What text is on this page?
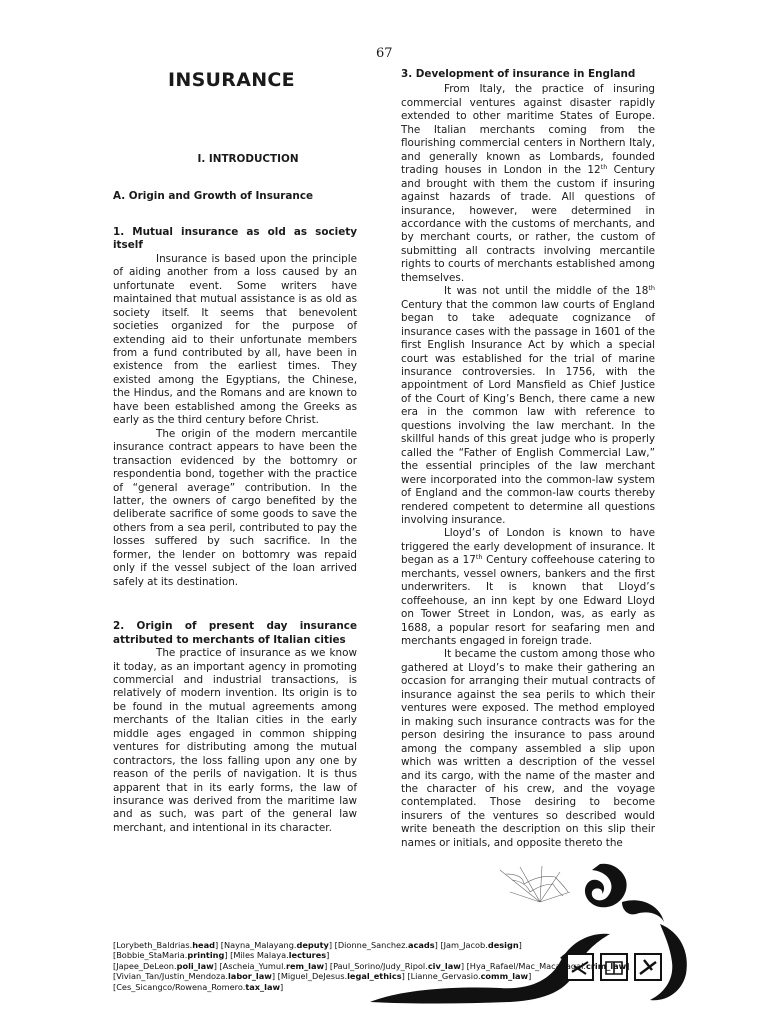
67
INSURANCE
I. INTRODUCTION
A. Origin and Growth of Insurance
1. Mutual insurance as old as society itself

Insurance is based upon the principle of aiding another from a loss caused by an unfortunate event. Some writers have maintained that mutual assistance is as old as society itself. It seems that benevolent societies organized for the purpose of extending aid to their unfortunate members from a fund contributed by all, have been in existence from the earliest times. They existed among the Egyptians, the Chinese, the Hindus, and the Romans and are known to have been established among the Greeks as early as the third century before Christ.

The origin of the modern mercantile insurance contract appears to have been the transaction evidenced by the bottomry or respondentia bond, together with the practice of “general average” contribution. In the latter, the owners of cargo benefited by the deliberate sacrifice of some goods to save the others from a sea peril, contributed to pay the losses suffered by such sacrifice. In the former, the lender on bottomry was repaid only if the vessel subject of the loan arrived safely at its destination.

2. Origin of present day insurance attributed to merchants of Italian cities

The practice of insurance as we know it today, as an important agency in promoting commercial and industrial transactions, is relatively of modern invention. Its origin is to be found in the mutual agreements among merchants of the Italian cities in the early middle ages engaged in common shipping ventures for distributing among the mutual contractors, the loss falling upon any one by reason of the perils of navigation. It is thus apparent that in its early forms, the law of insurance was derived from the maritime law and as such, was part of the general law merchant, and intentional in its character.

3. Development of insurance in England

From Italy, the practice of insuring commercial ventures against disaster rapidly extended to other maritime States of Europe. The Italian merchants coming from the flourishing commercial centers in Northern Italy, and generally known as Lombards, founded trading houses in London in the 12th Century and brought with them the custom if insuring against hazards of trade. All questions of insurance, however, were determined in accordance with the customs of merchants, and by merchant courts, or rather, the custom of submitting all contracts involving mercantile rights to courts of merchants established among themselves.

It was not until the middle of the 18th Century that the common law courts of England began to take adequate cognizance of insurance cases with the passage in 1601 of the first English Insurance Act by which a special court was established for the trial of marine insurance controversies. In 1756, with the appointment of Lord Mansfield as Chief Justice of the Court of King’s Bench, there came a new era in the common law with reference to questions involving the law merchant. In the skillful hands of this great judge who is properly called the “Father of English Commercial Law,” the essential principles of the law merchant were incorporated into the common-law system of England and the common-law courts thereby rendered competent to determine all questions involving insurance.

Lloyd’s of London is known to have triggered the early development of insurance. It began as a 17th Century coffeehouse catering to merchants, vessel owners, bankers and the first underwriters. It is known that Lloyd’s coffeehouse, an inn kept by one Edward Lloyd on Tower Street in London, was, as early as 1688, a popular resort for seafaring men and merchants engaged in foreign trade.

It became the custom among those who gathered at Lloyd’s to make their gathering an occasion for arranging their mutual contracts of insurance against the sea perils to which their ventures were exposed. The method employed in making such insurance contracts was for the person desiring the insurance to pass around among the company assembled a slip upon which was written a description of the vessel and its cargo, with the name of the master and the character of his crew, and the voyage contemplated. Those desiring to become insurers of the ventures so described would write beneath the description on this slip their names or initials, and opposite thereto the

[Lorybeth_Baldrias.head] [Nayna_Malayang.deputy] [Dionne_Sanchez.acads] [Jam_Jacob.design]
[Bobbie_StaMaria.printing] [Miles Malaya.lectures]
[Japee_DeLeon.poli_law] [Ascheia_Yumul.rem_law] [Paul_Sorino/Judy_Ripol.civ_law] [Hya_Rafael/Mac_Macapagal.crim_law]
[Vivian_Tan/Justin_Mendoza.labor_law] [Miguel_DeJesus.legal_ethics] [Lianne_Gervasio.comm_law]
[Ces_Sicangco/Rowena_Romero.tax_law]
